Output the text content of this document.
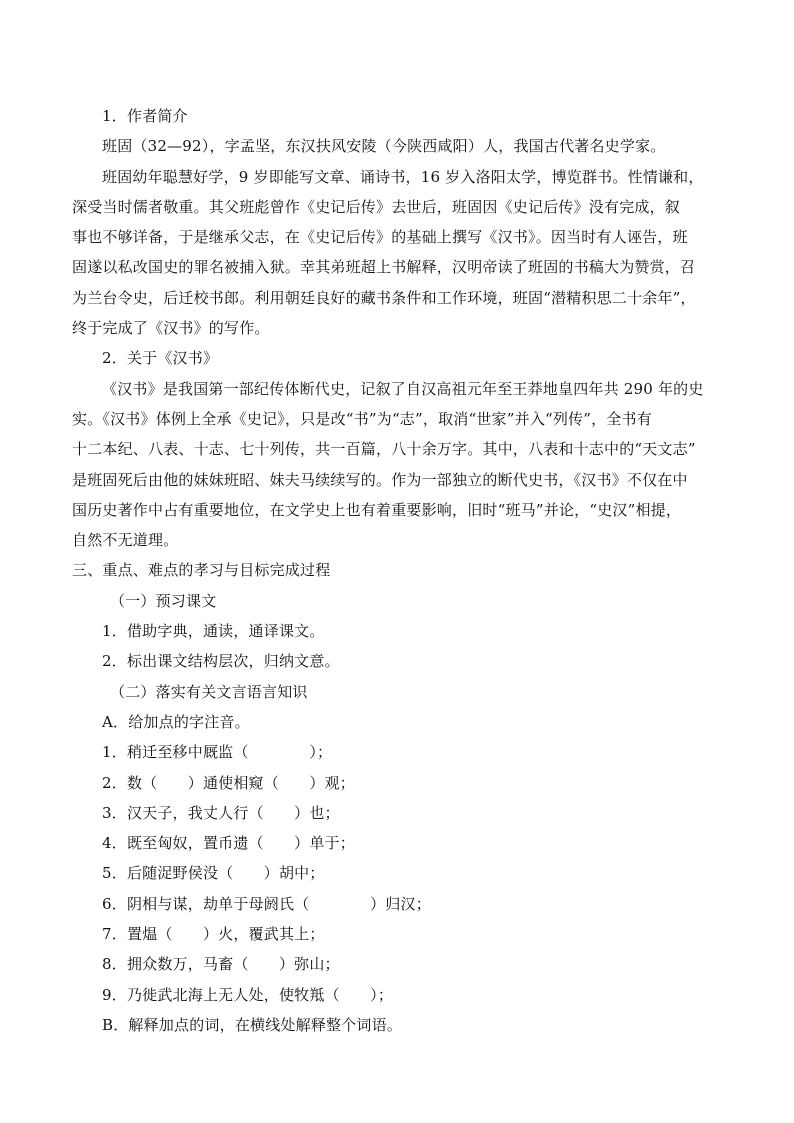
1．作者简介
班固（32—92），字孟坚，东汉扶风安陵（今陕西咸阳）人，我国古代著名史学家。
班固幼年聪慧好学，9 岁即能写文章、诵诗书，16 岁入洛阳太学，博览群书。性情谦和，
深受当时儒者敬重。其父班彪曾作《史记后传》去世后，班固因《史记后传》没有完成，叙
事也不够详备，于是继承父志，在《史记后传》的基础上撰写《汉书》。因当时有人诬告，班
固遂以私改国史的罪名被捕入狱。幸其弟班超上书解释，汉明帝读了班固的书稿大为赞赏，召
为兰台令史，后迁校书郎。利用朝廷良好的藏书条件和工作环境，班固“潜精积思二十余年”，
终于完成了《汉书》的写作。
2．关于《汉书》
《汉书》是我国第一部纪传体断代史，记叙了自汉高祖元年至王莽地皇四年共 290 年的史
实。《汉书》体例上全承《史记》，只是改“书”为“志”，取消“世家”并入“列传”，全书有
十二本纪、八表、十志、七十列传，共一百篇，八十余万字。其中，八表和十志中的“天文志”
是班固死后由他的妹妹班昭、妹夫马续续写的。作为一部独立的断代史书，《汉书》不仅在中
国历史著作中占有重要地位，在文学史上也有着重要影响，旧时“班马”并论，“史汉”相提，
自然不无道理。
三、重点、难点的孝习与目标完成过程
（一）预习课文
1．借助字典，通读，通译课文。
2．标出课文结构层次，归纳文意。
（二）落实有关文言语言知识
A．给加点的字注音。
1．稍迁至移中厩监（　　　　）；
2．数（　　）通使相窥（　　）观；
3．汉天子，我丈人行（　　）也；
4．既至匈奴，置币遗（　　）单于；
5．后随浞野侯没（　　）胡中；
6．阴相与谋，劫单于母阏氏（　　　　）归汉；
7．置煴（　　）火，覆武其上；
8．拥众数万，马畜（　　）弥山；
9．乃徙武北海上无人处，使牧羝（　　）；
B．解释加点的词，在横线处解释整个词语。
